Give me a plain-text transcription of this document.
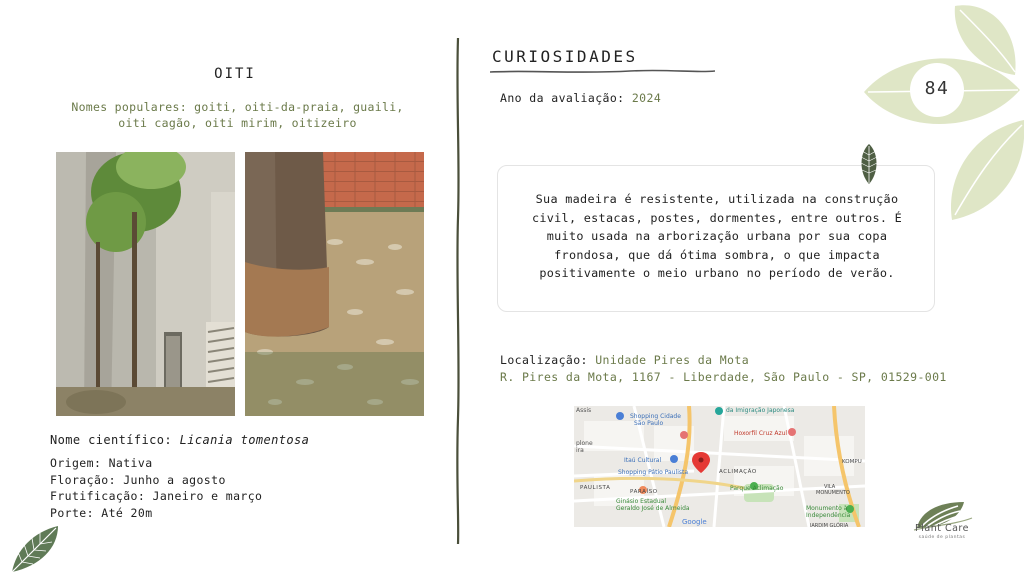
OITI
Nomes populares: goiti, oiti-da-praia, guaili, oiti cagão, oiti mirim, oitizeiro
Nome científico: Licania tomentosa
Origem: Nativa
Floração: Junho a agosto
Frutificação: Janeiro e março
Porte: Até 20m
CURIOSIDADES
Ano da avaliação: 2024
Sua madeira é resistente, utilizada na construção civil, estacas, postes, dormentes, entre outros. É muito usada na arborização urbana por sua copa frondosa, que dá ótima sombra, o que impacta positivamente o meio urbano no período de verão.
Localização: Unidade Pires da Mota
R. Pires da Mota, 1167 - Liberdade, São Paulo - SP, 01529-001
Assis
Shopping Cidade
São Paulo
da Imigração Japonesa
Hoxorfil Cruz Azul
plone
ira
Itaú Cultural
Shopping Pátio Paulista	ACLIMAÇÃO
KOMPU
PAULISTA
PARAÍSO	Parque Aclimação	VILA
MONUMENTO
Ginásio Estadual
Geraldo José de Almeida	Monumento à
Independência
Google	JARDIM GLÓRIA
84
Plant Care
saúde de plantas
